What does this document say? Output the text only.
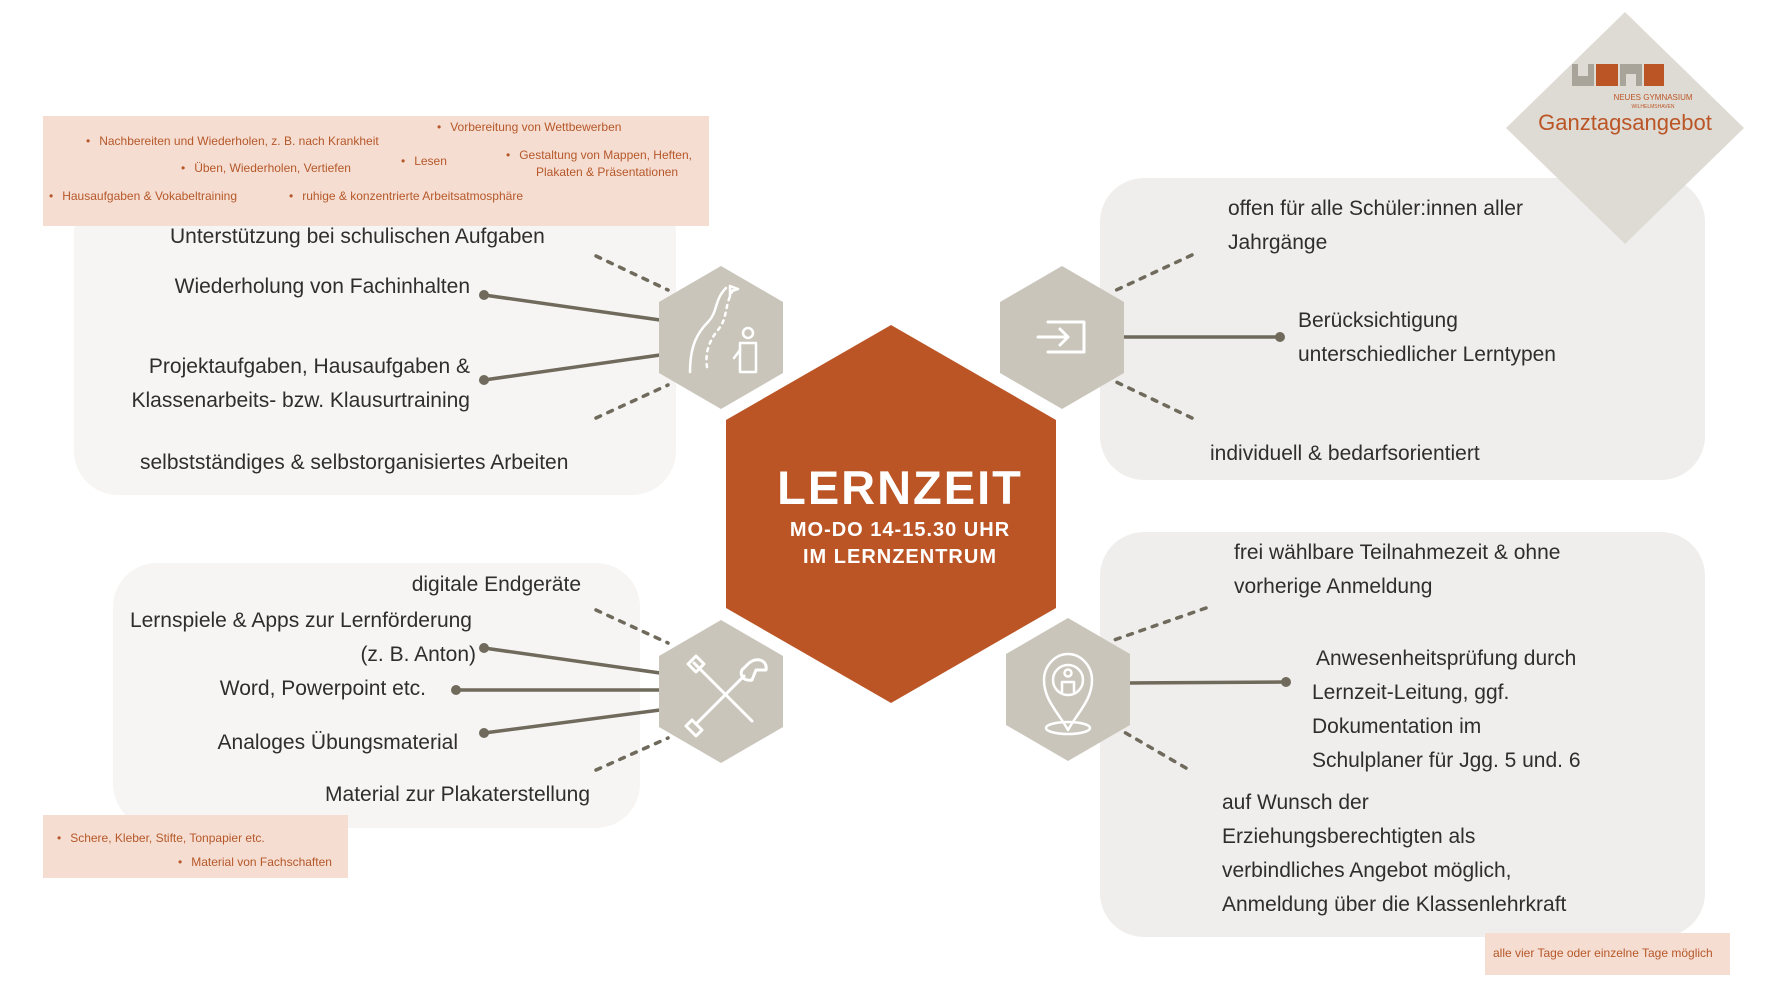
NEUES GYMNASIUM
WILHELMSHAVEN
Ganztagsangebot
• Nachbereiten und Wiederholen, z. B. nach Krankheit
• Vorbereitung von Wettbewerben
• Üben, Wiederholen, Vertiefen	• Lesen	• Gestaltung von Mappen, Heften,
Plakaten & Präsentationen
• Hausaufgaben & Vokabeltraining	• ruhige & konzentrierte Arbeitsatmosphäre
• Schere, Kleber, Stifte, Tonpapier etc.
• Material von Fachschaften
alle vier Tage oder einzelne Tage möglich
LERNZEIT
MO-DO 14-15.30 UHR
IM LERNZENTRUM
Unterstützung bei schulischen Aufgaben
Wiederholung von Fachinhalten
Projektaufgaben, Hausaufgaben &
Klassenarbeits- bzw. Klausurtraining
selbstständiges & selbstorganisiertes Arbeiten
offen für alle Schüler:innen aller
Jahrgänge
Berücksichtigung
unterschiedlicher Lerntypen
individuell & bedarfsorientiert
digitale Endgeräte
Lernspiele & Apps zur Lernförderung
(z. B. Anton)
Word, Powerpoint etc.
Analoges Übungsmaterial
Material zur Plakaterstellung
frei wählbare Teilnahmezeit & ohne
vorherige Anmeldung
Anwesenheitsprüfung durch
Lernzeit-Leitung, ggf.
Dokumentation im
Schulplaner für Jgg. 5 und. 6
auf Wunsch der
Erziehungsberechtigten als
verbindliches Angebot möglich,
Anmeldung über die Klassenlehrkraft
